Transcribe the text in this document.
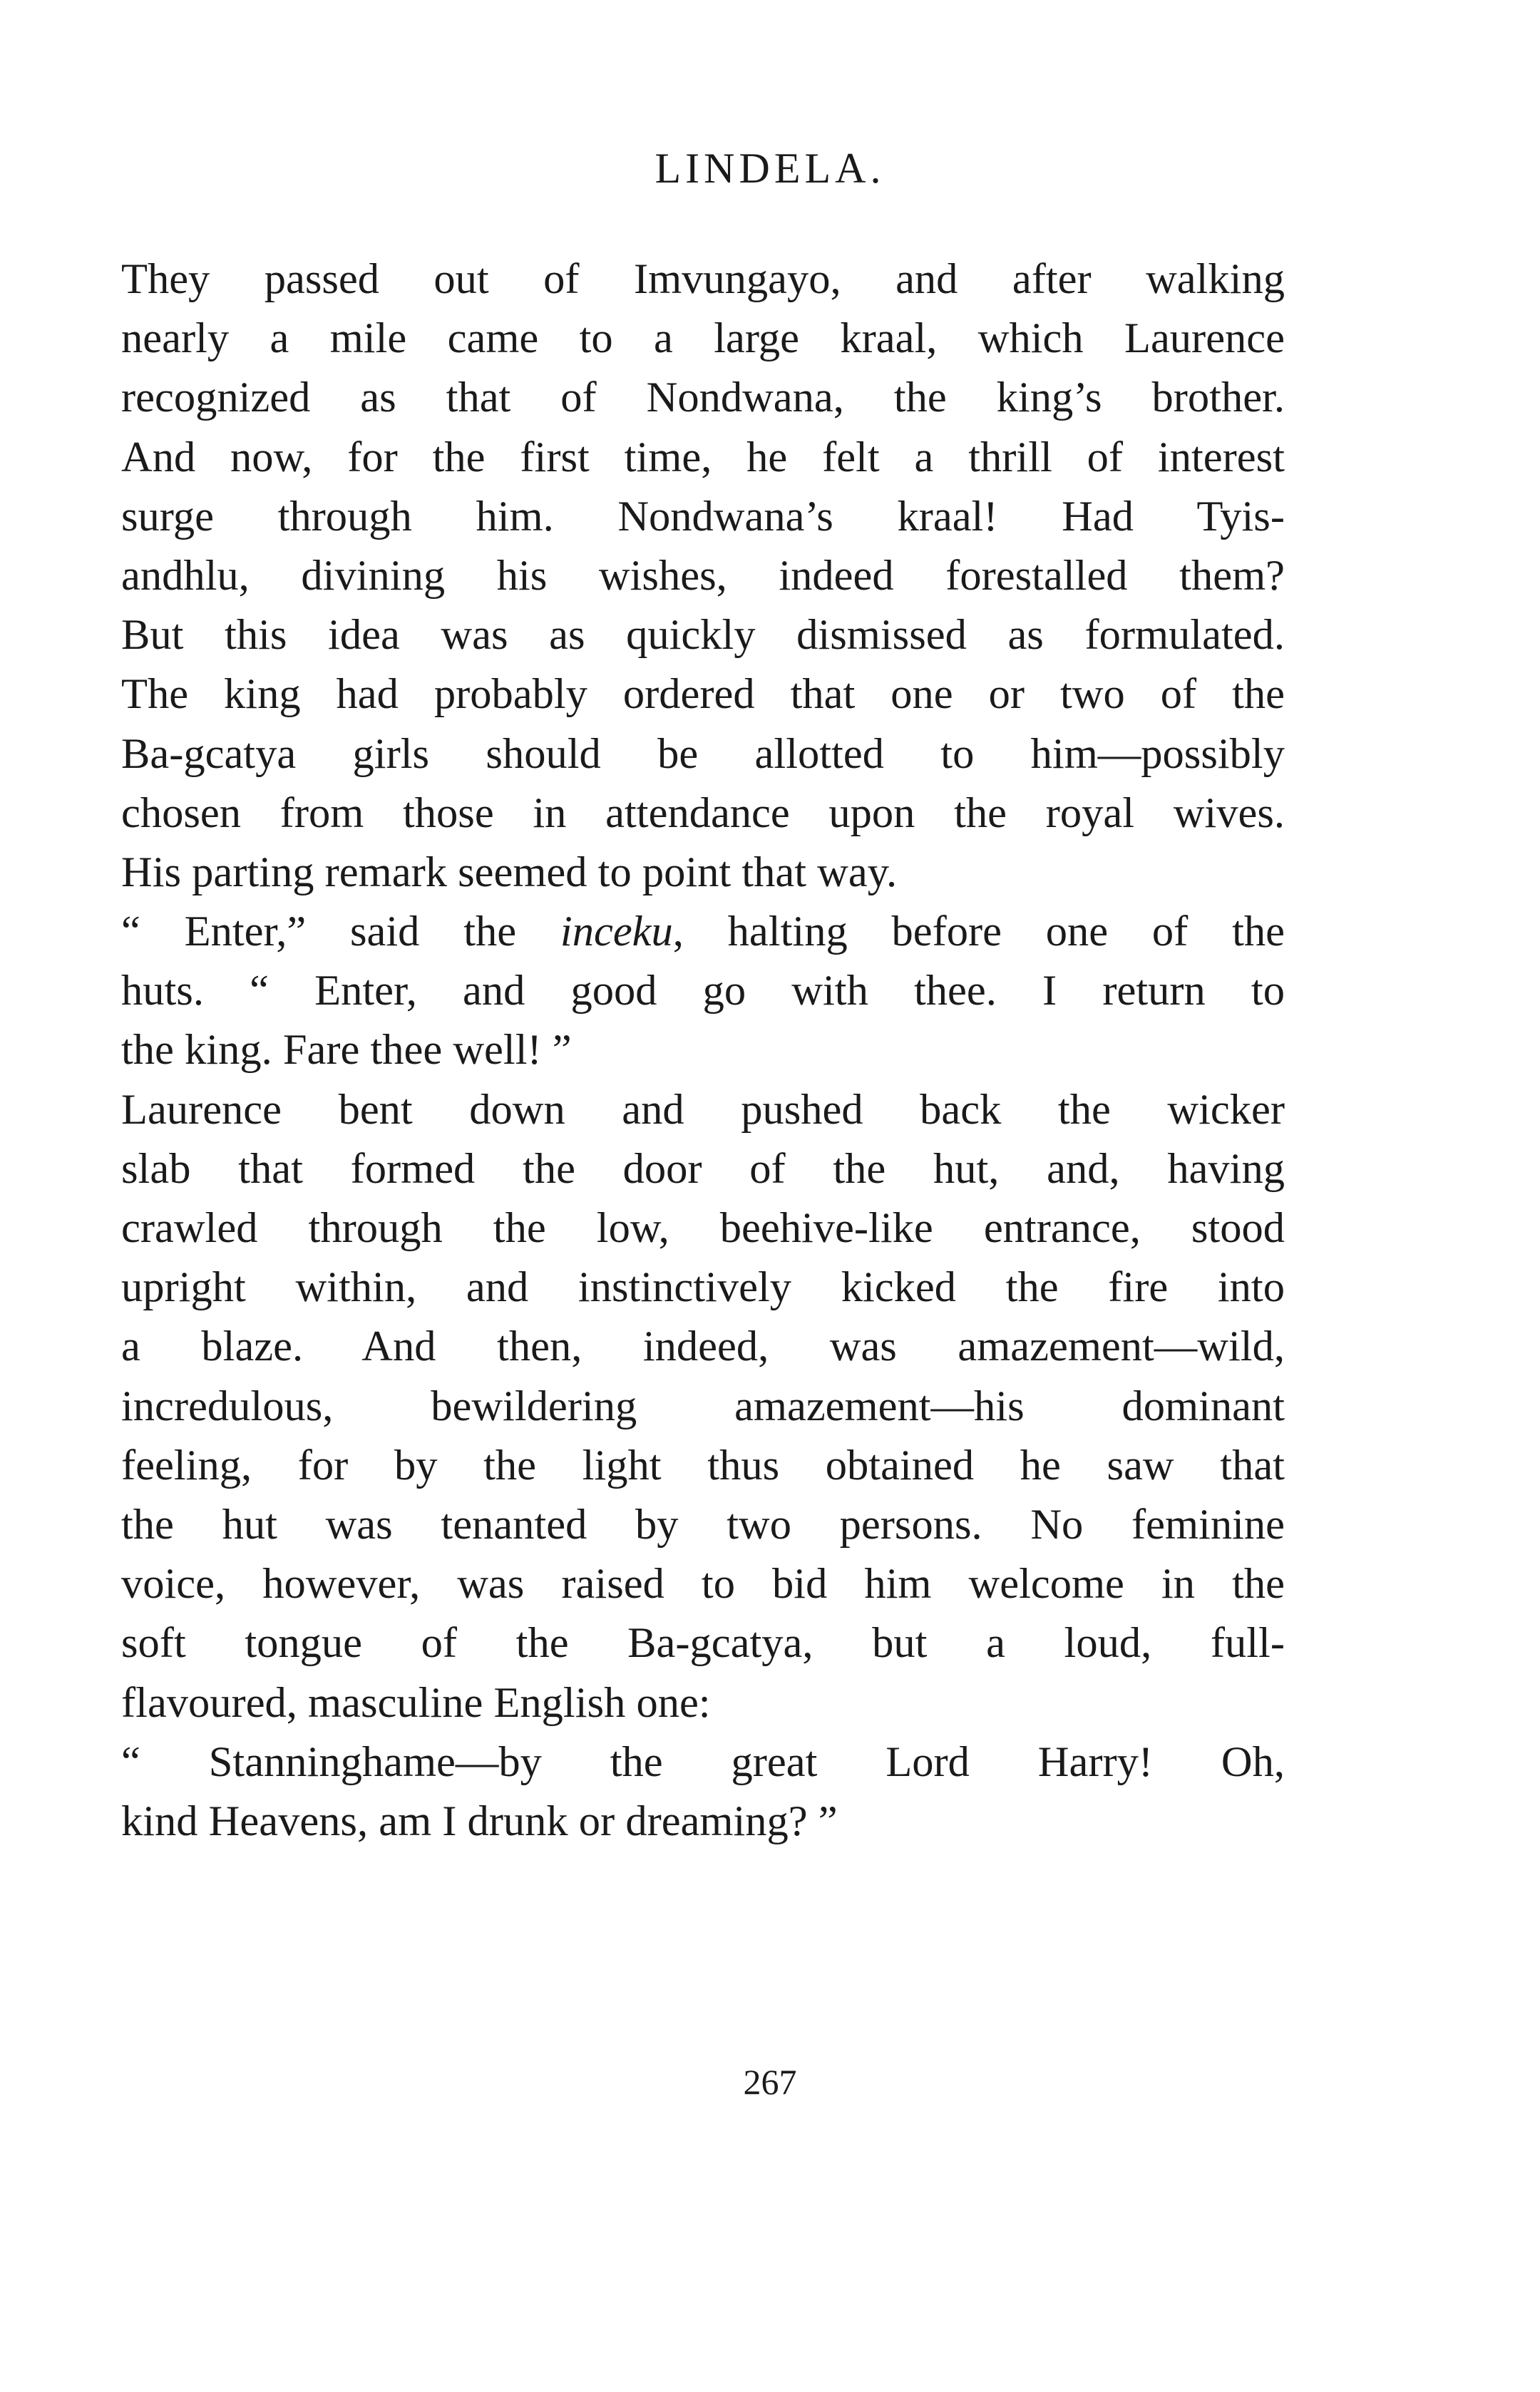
LINDELA.
They passed out of Imvungayo, and after walking
nearly a mile came to a large kraal, which Laurence
recognized as that of Nondwana, the king’s brother.
And now, for the first time, he felt a thrill of interest
surge through him. Nondwana’s kraal! Had Tyis-
andhlu, divining his wishes, indeed forestalled them?
But this idea was as quickly dismissed as formulated.
The king had probably ordered that one or two of the
Ba-gcatya girls should be allotted to him—possibly
chosen from those in attendance upon the royal wives.
His parting remark seemed to point that way.
“ Enter,” said the inceku, halting before one of the
huts. “ Enter, and good go with thee. I return to
the king. Fare thee well! ”
Laurence bent down and pushed back the wicker
slab that formed the door of the hut, and, having
crawled through the low, beehive-like entrance, stood
upright within, and instinctively kicked the fire into
a blaze. And then, indeed, was amazement—wild,
incredulous, bewildering amazement—his dominant
feeling, for by the light thus obtained he saw that
the hut was tenanted by two persons. No feminine
voice, however, was raised to bid him welcome in the
soft tongue of the Ba-gcatya, but a loud, full-
flavoured, masculine English one:
“ Stanninghame—by the great Lord Harry! Oh,
kind Heavens, am I drunk or dreaming? ”
267
